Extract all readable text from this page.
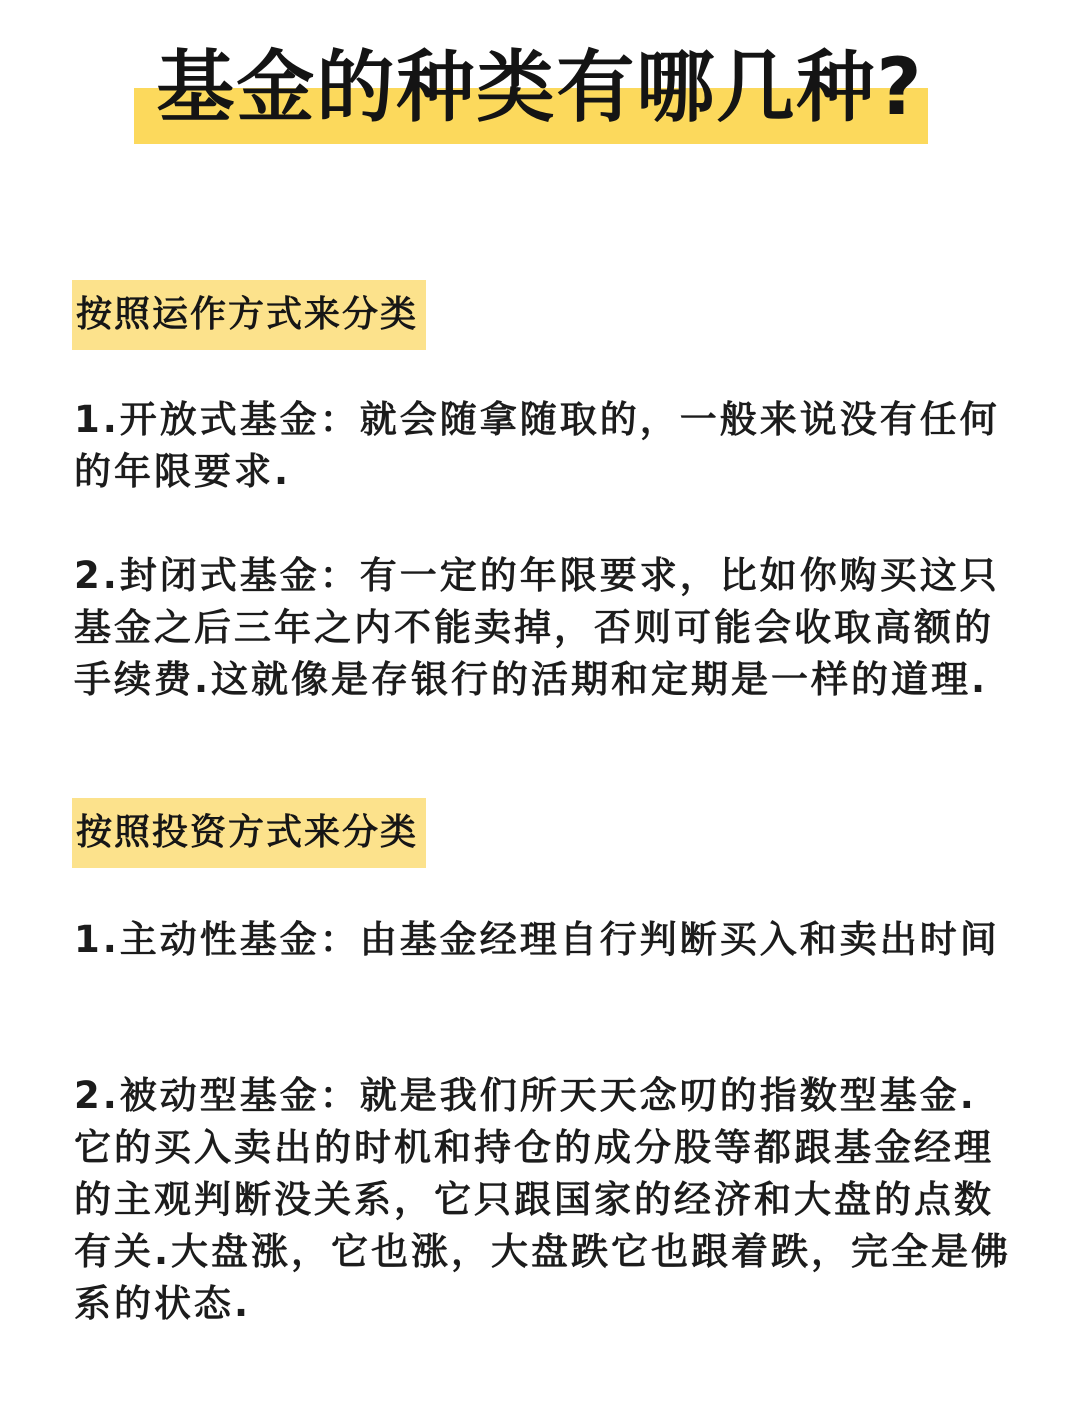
基金的种类有哪几种?
按照运作方式来分类

1.开放式基金：就会随拿随取的，一般来说没有任何的年限要求.

2.封闭式基金：有一定的年限要求，比如你购买这只基金之后三年之内不能卖掉，否则可能会收取高额的手续费.这就像是存银行的活期和定期是一样的道理.

按照投资方式来分类

1.主动性基金：由基金经理自行判断买入和卖出时间

2.被动型基金：就是我们所天天念叨的指数型基金.它的买入卖出的时机和持仓的成分股等都跟基金经理的主观判断没关系，它只跟国家的经济和大盘的点数有关.大盘涨，它也涨，大盘跌它也跟着跌，完全是佛系的状态.
